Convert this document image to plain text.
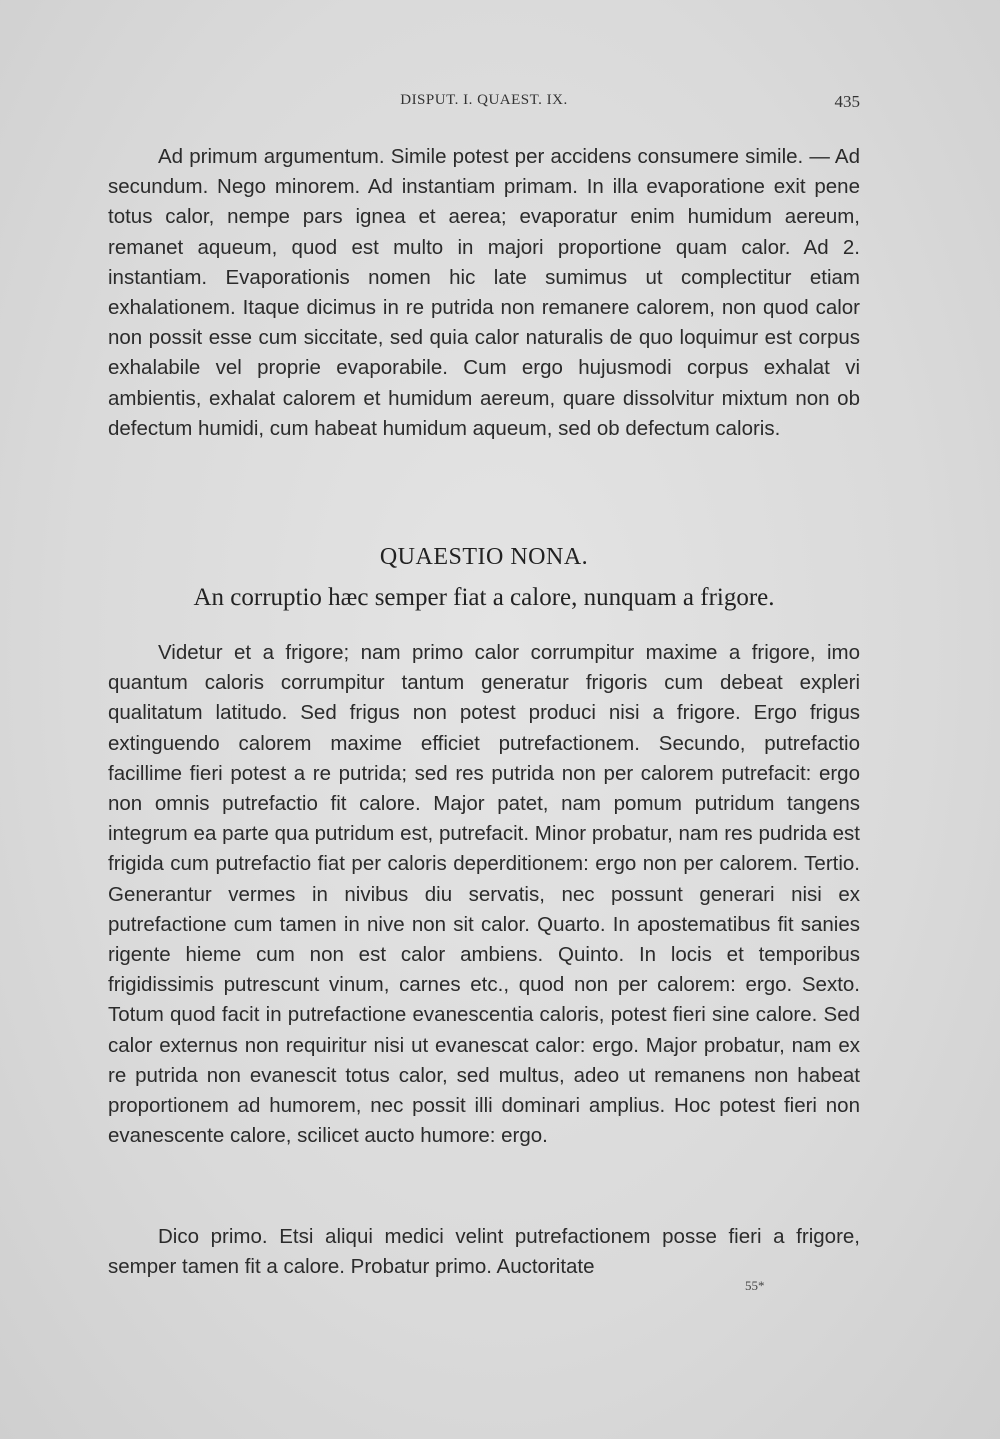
DISPUT. I. QUAEST. IX.	435

Ad primum argumentum. Simile potest per accidens consumere simile. — Ad secundum. Nego minorem. Ad instantiam primam. In illa evaporatione exit pene totus calor, nempe pars ignea et aerea; evaporatur enim humidum aereum, remanet aqueum, quod est multo in majori proportione quam calor. Ad 2. instantiam. Evaporationis nomen hic late sumimus ut complectitur etiam exhalationem. Itaque dicimus in re putrida non remanere calorem, non quod calor non possit esse cum siccitate, sed quia calor naturalis de quo loquimur est corpus exhalabile vel proprie evaporabile. Cum ergo hujusmodi corpus exhalat vi ambientis, exhalat calorem et humidum aereum, quare dissolvitur mixtum non ob defectum humidi, cum habeat humidum aqueum, sed ob defectum caloris.

QUAESTIO NONA.
An corruptio hæc semper fiat a calore, nunquam a frigore.

Videtur et a frigore; nam primo calor corrumpitur maxime a frigore, imo quantum caloris corrumpitur tantum generatur frigoris cum debeat expleri qualitatum latitudo. Sed frigus non potest produci nisi a frigore. Ergo frigus extinguendo calorem maxime efficiet putrefactionem. Secundo, putrefactio facillime fieri potest a re putrida; sed res putrida non per calorem putrefacit: ergo non omnis putrefactio fit calore. Major patet, nam pomum putridum tangens integrum ea parte qua putridum est, putrefacit. Minor probatur, nam res pudrida est frigida cum putrefactio fiat per caloris deperditionem: ergo non per calorem. Tertio. Generantur vermes in nivibus diu servatis, nec possunt generari nisi ex putrefactione cum tamen in nive non sit calor. Quarto. In apostematibus fit sanies rigente hieme cum non est calor ambiens. Quinto. In locis et temporibus frigidissimis putrescunt vinum, carnes etc., quod non per calorem: ergo. Sexto. Totum quod facit in putrefactione evanescentia caloris, potest fieri sine calore. Sed calor externus non requiritur nisi ut evanescat calor: ergo. Major probatur, nam ex re putrida non evanescit totus calor, sed multus, adeo ut remanens non habeat proportionem ad humorem, nec possit illi dominari amplius. Hoc potest fieri non evanescente calore, scilicet aucto humore: ergo.

Dico primo. Etsi aliqui medici velint putrefactionem posse fieri a frigore, semper tamen fit a calore. Probatur primo. Auctoritate

55*
